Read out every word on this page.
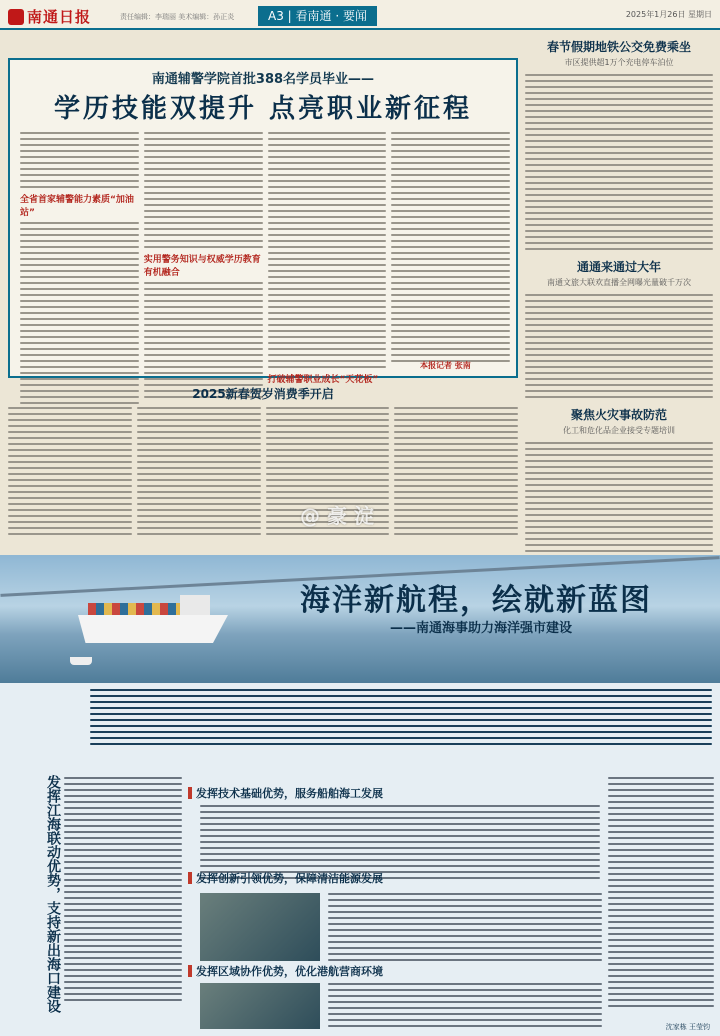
南通日报	责任编辑：李瑞丽 美术编辑：孙正炎	A3 | 看南通 · 要闻	2025年1月26日 星期日
南通辅警学院首批388名学员毕业——
学历技能双提升 点亮职业新征程
全省首家辅警能力素质“加油站”
实用警务知识与权威学历教育有机融合
打破辅警职业成长“天花板”
本报记者 张南
春节假期地铁公交免费乘坐
市区提供超1万个充电停车泊位
通通来通过大年
南通文旅大联欢直播全网曝光量破千万次
聚焦火灾事故防范
化工和危化品企业接受专题培训
2025新春贺岁消费季开启
@ 豪 淀
海洋新航程，绘就新蓝图
——南通海事助力海洋强市建设
发挥江海联动优势，支持新出海口建设	发挥技术基础优势，服务船舶海工发展
发挥创新引领优势，保障清洁能源发展
发挥区域协作优势，优化港航营商环境
沈家栋 王莹钧
